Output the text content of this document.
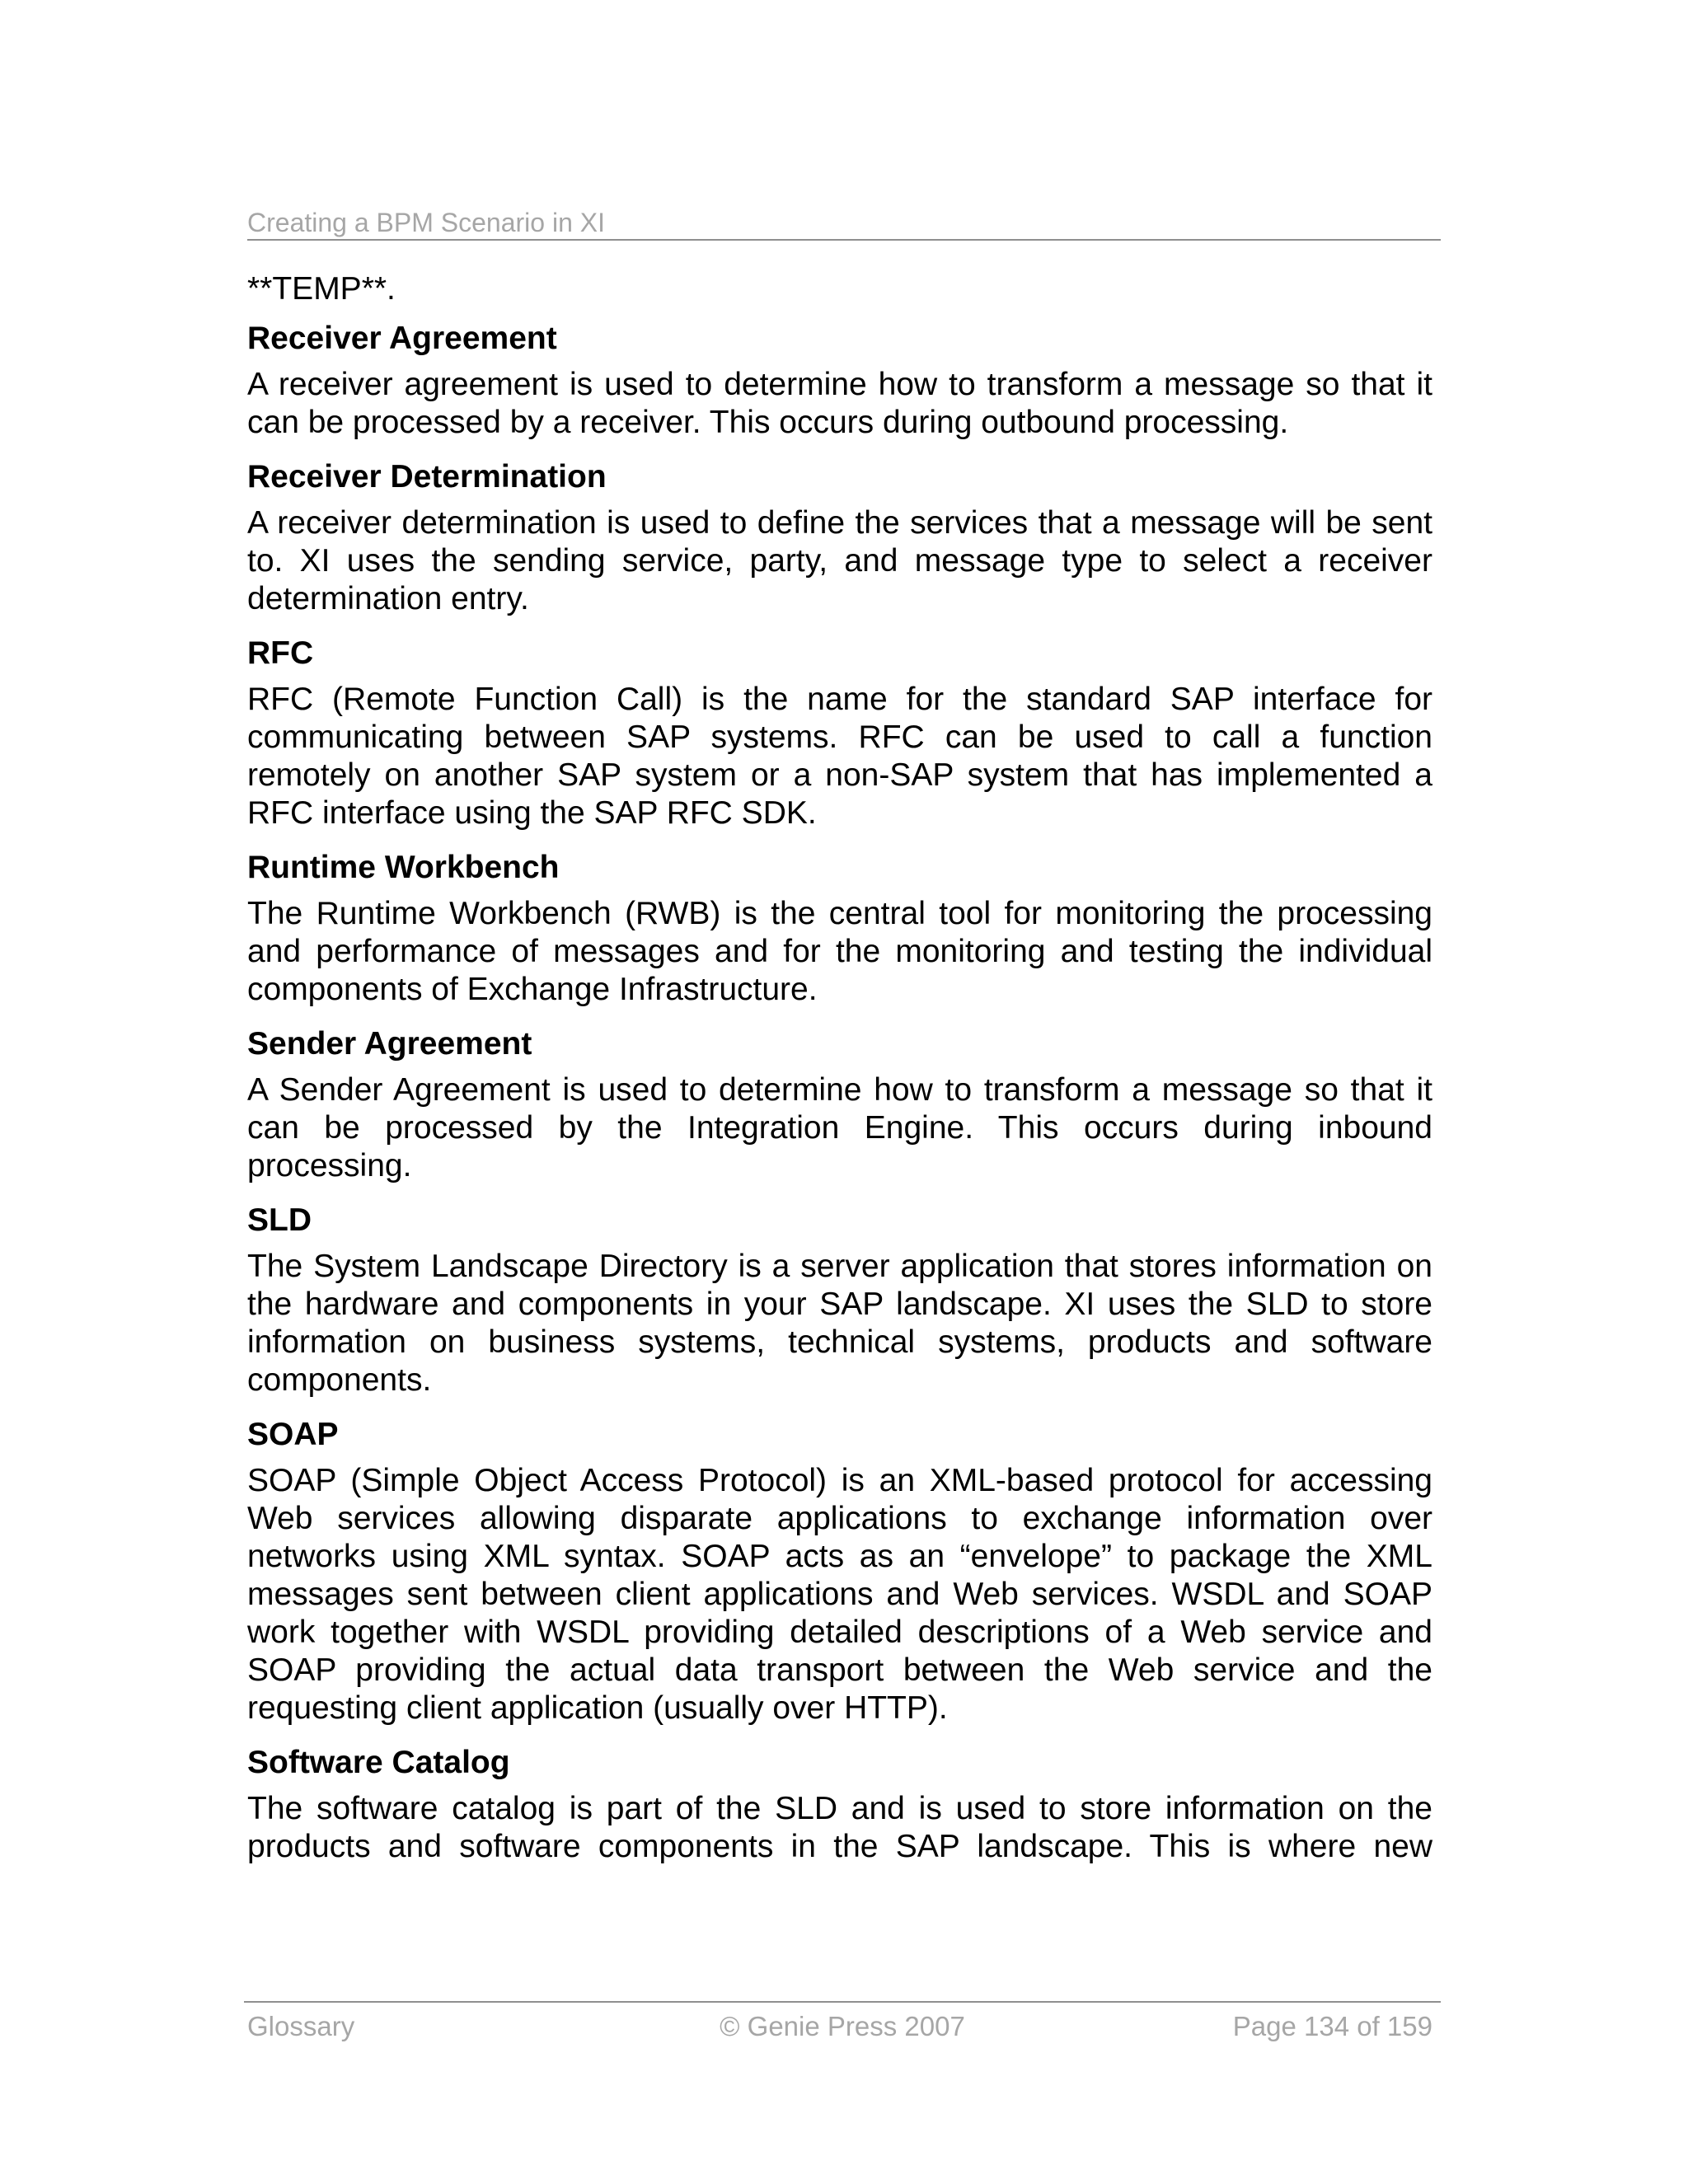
Creating a BPM Scenario in XI

**TEMP**.

Receiver Agreement

A receiver agreement is used to determine how to transform a message so that it can be processed by a receiver. This occurs during outbound processing.

Receiver Determination

A receiver determination is used to define the services that a message will be sent to. XI uses the sending service, party, and message type to select a receiver determination entry.

RFC

RFC (Remote Function Call) is the name for the standard SAP interface for communicating between SAP systems. RFC can be used to call a function remotely on another SAP system or a non-SAP system that has implemented a RFC interface using the SAP RFC SDK.

Runtime Workbench

The Runtime Workbench (RWB) is the central tool for monitoring the processing and performance of messages and for the monitoring and testing the individual components of Exchange Infrastructure.

Sender Agreement

A Sender Agreement is used to determine how to transform a message so that it can be processed by the Integration Engine. This occurs during inbound processing.

SLD

The System Landscape Directory is a server application that stores information on the hardware and components in your SAP landscape. XI uses the SLD to store information on business systems, technical systems, products and software components.

SOAP

SOAP (Simple Object Access Protocol) is an XML-based protocol for accessing Web services allowing disparate applications to exchange information over networks using XML syntax. SOAP acts as an “envelope” to package the XML messages sent between client applications and Web services. WSDL and SOAP work together with WSDL providing detailed descriptions of a Web service and SOAP providing the actual data transport between the Web service and the requesting client application (usually over HTTP).

Software Catalog

The software catalog is part of the SLD and is used to store information on the products and software components in the SAP landscape. This is where new

Glossary	© Genie Press 2007	Page 134 of 159
